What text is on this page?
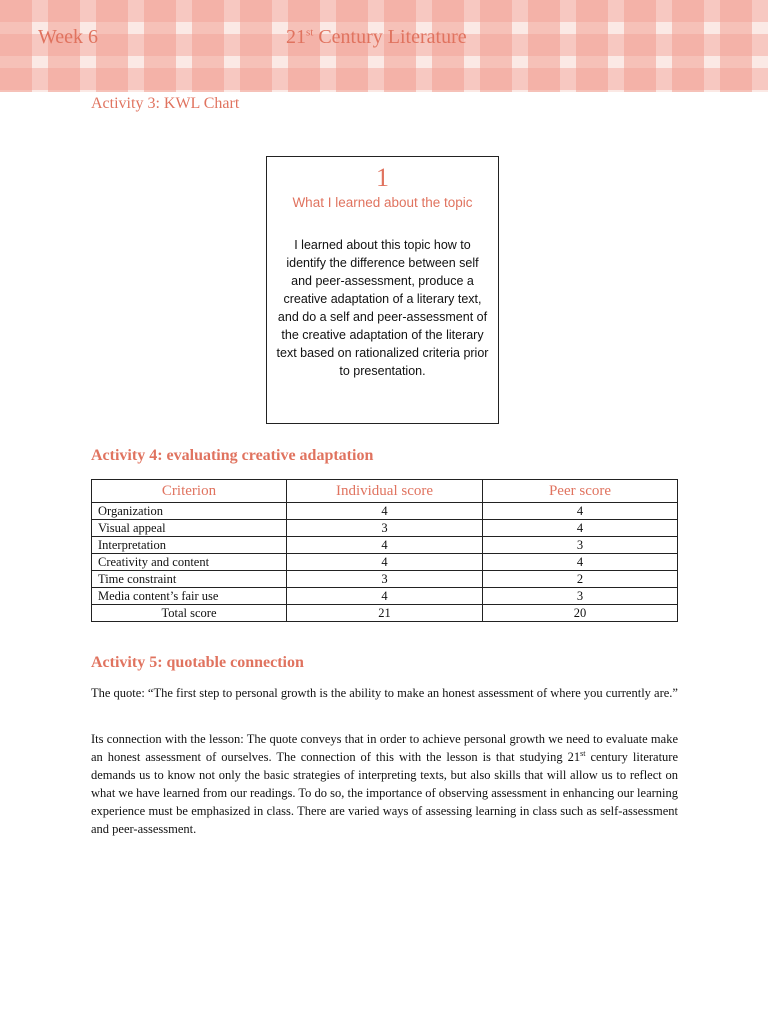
Week 6	21st Century Literature
Activity 3: KWL Chart
1
What I learned about the topic
I learned about this topic how to identify the difference between self and peer-assessment, produce a creative adaptation of a literary text, and do a self and peer-assessment of the creative adaptation of the literary text based on rationalized criteria prior to presentation.
Activity 4: evaluating creative adaptation
Criterion	Individual score	Peer score
Organization	4	4
Visual appeal	3	4
Interpretation	4	3
Creativity and content	4	4
Time constraint	3	2
Media content’s fair use	4	3
Total score	21	20
Activity 5: quotable connection

The quote: “The first step to personal growth is the ability to make an honest assessment of where you currently are.”

Its connection with the lesson: The quote conveys that in order to achieve personal growth we need to evaluate make an honest assessment of ourselves. The connection of this with the lesson is that studying 21st century literature demands us to know not only the basic strategies of interpreting texts, but also skills that will allow us to reflect on what we have learned from our readings. To do so, the importance of observing assessment in enhancing our learning experience must be emphasized in class. There are varied ways of assessing learning in class such as self-assessment and peer-assessment.
